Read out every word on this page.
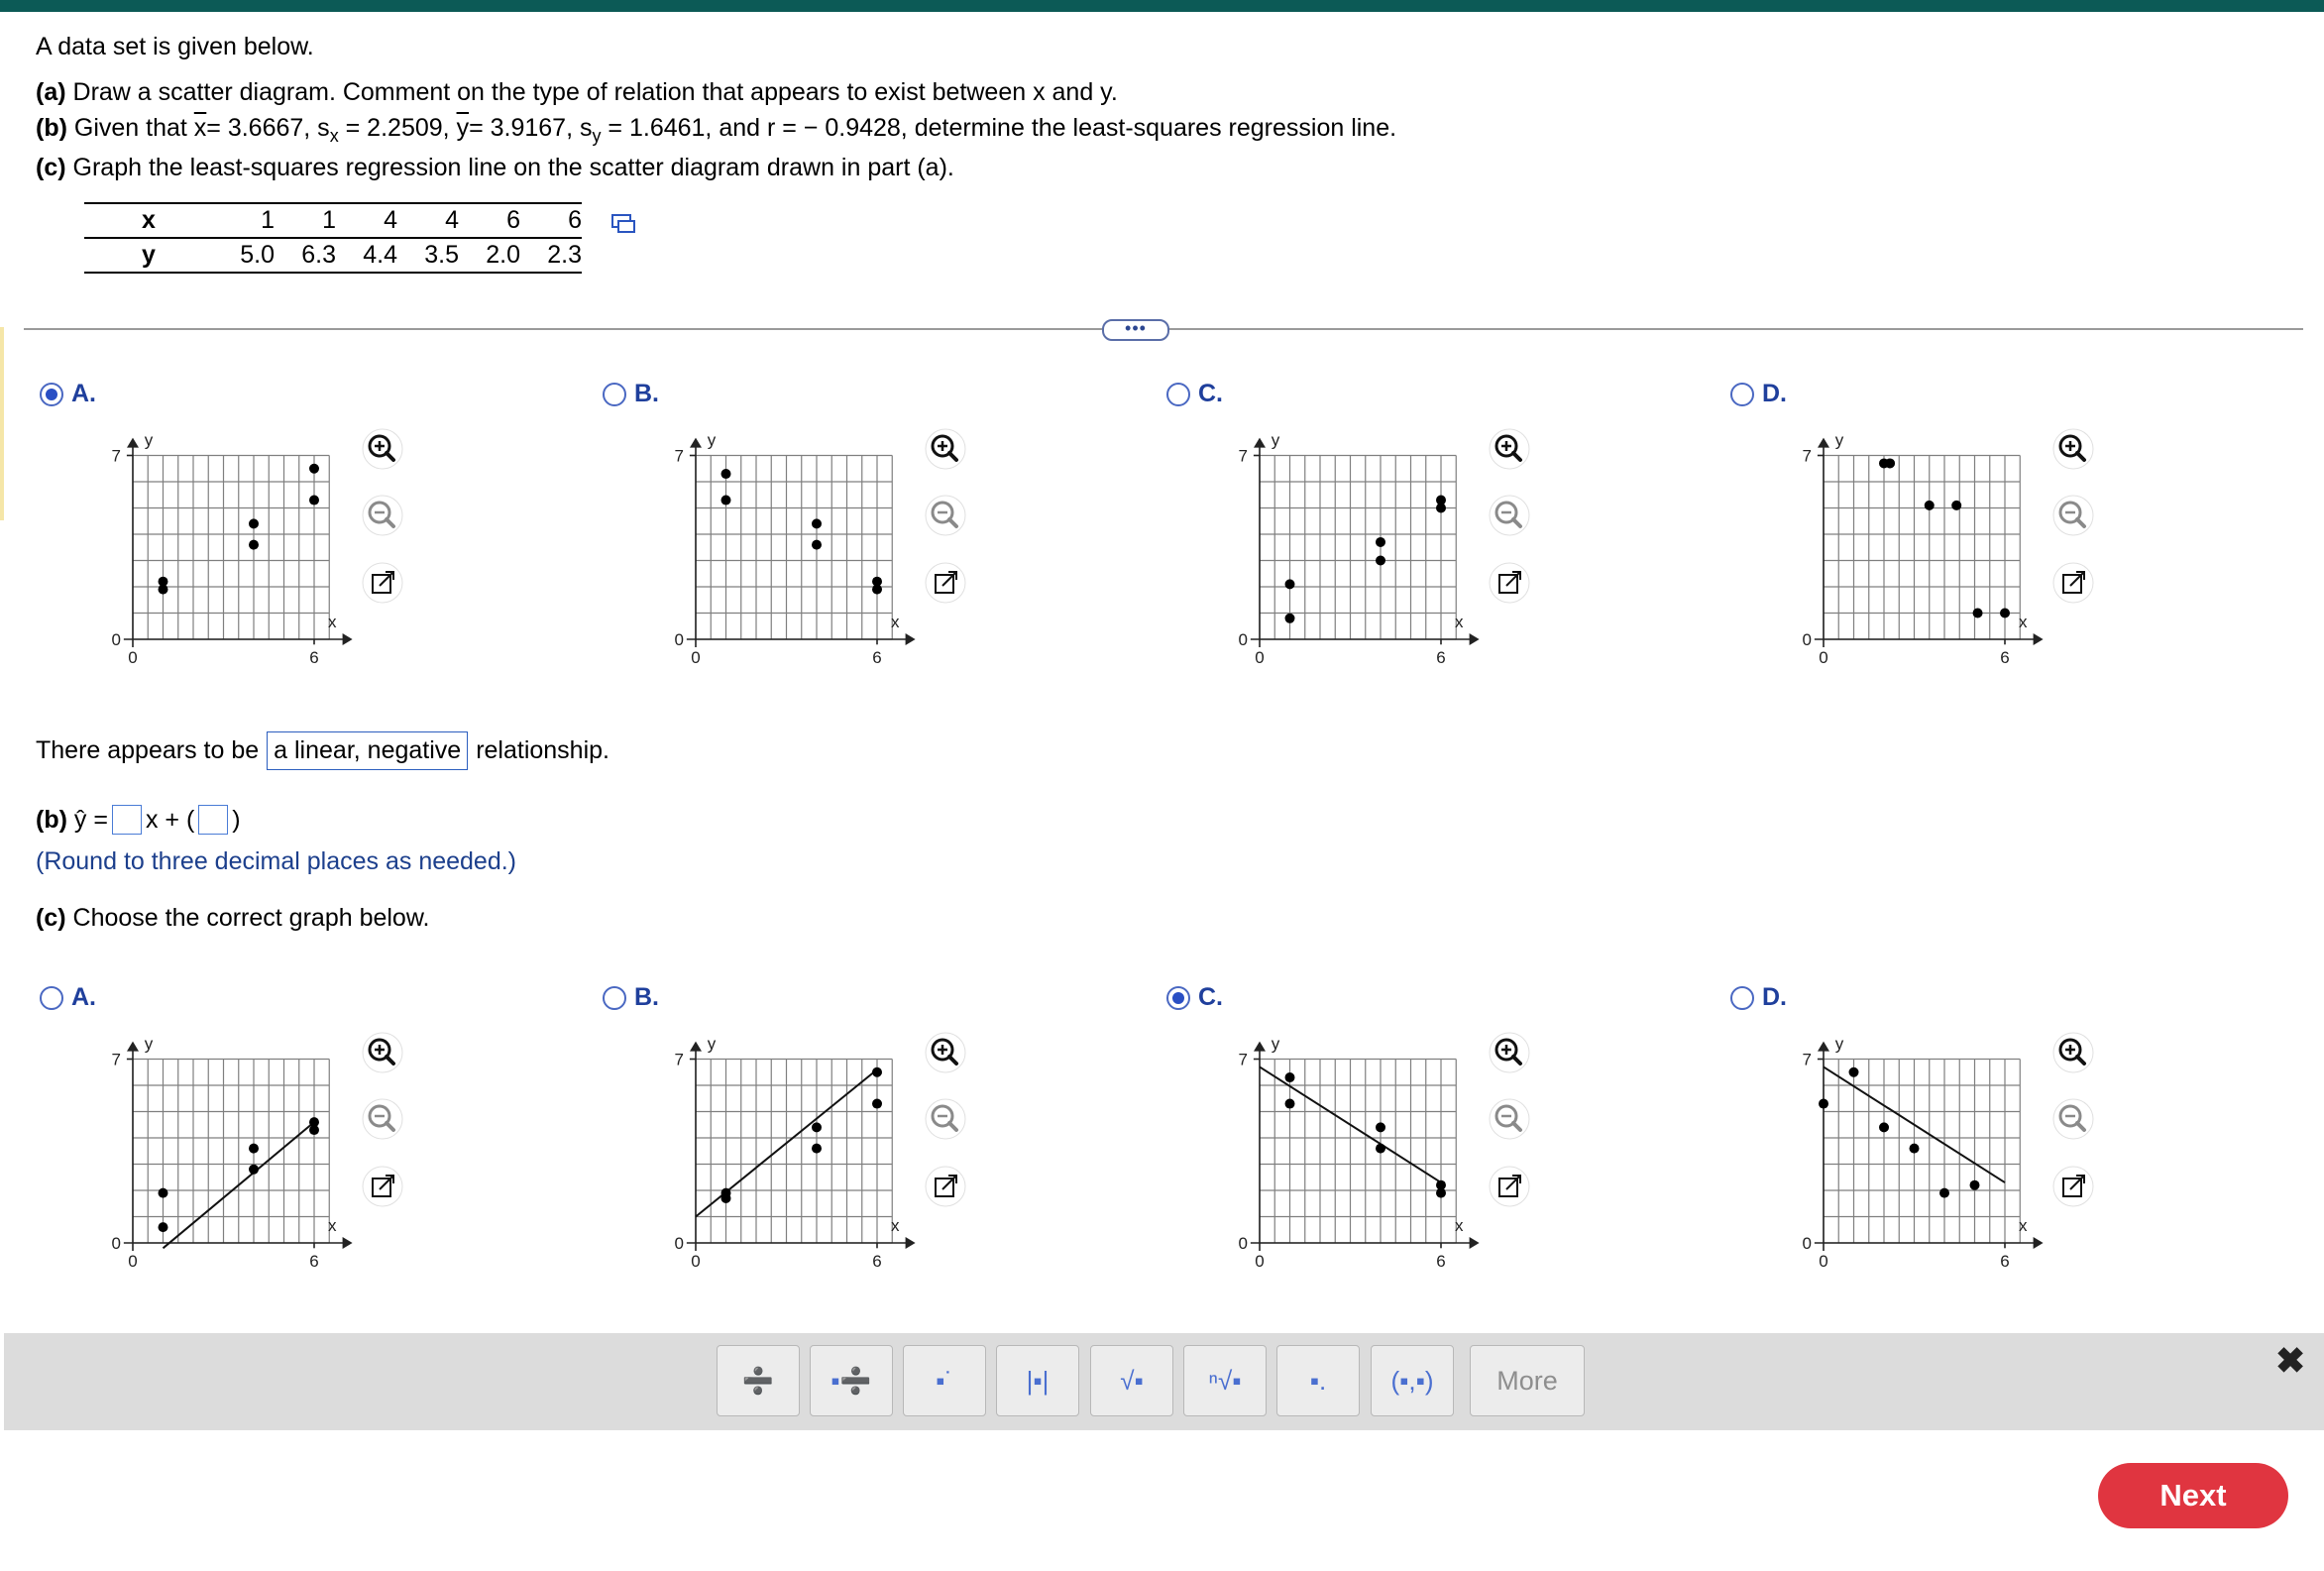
A data set is given below.
(a) Draw a scatter diagram. Comment on the type of relation that appears to exist between x and y.
(b) Given that $\overline{x}= 3.6667$, $s_x = 2.2509$, $\overline{y}= 3.9167$, $s_y = 1.6461$, and r = − 0.9428, determine the least-squares regression line.
(c) Graph the least-squares regression line on the scatter diagram drawn in part (a).
x	1	1	4	4	6	6
y	5.0	6.3	4.4	3.5	2.0	2.3
•••
A.
y
x
7
0
0	6
B.
y
x
7
0
0	6
C.
y
x
7
0
0	6
D.
y
x
7
0
0	6
There appears to be a linear, negative relationship.
(b)
ŷ
= x +
( )
(Round to three decimal places as needed.)
(c) Choose the correct graph below.
A.
y
x
7
0
0	6
B.
y
x
7
0
0	6
C.
y
x
7
0
0	6
D.
y
x
7
0
0	6
➗	▪➗	▪˙	|▪|	√▪	ⁿ√▪	▪.	(▪,▪)	More	✖
Next
